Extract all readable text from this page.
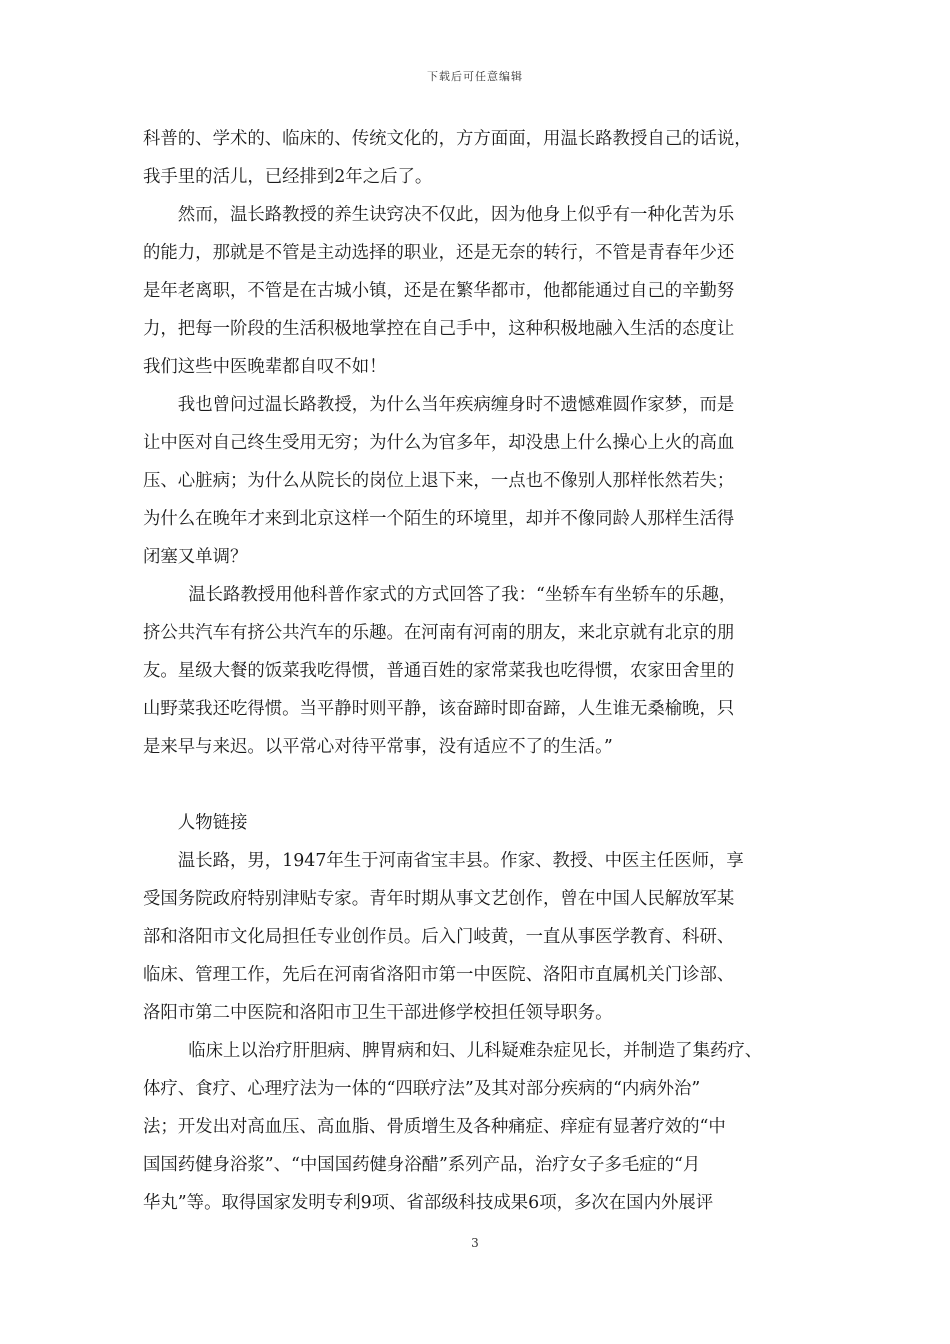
下载后可任意编辑

科普的、学术的、临床的、传统文化的，方方面面，用温长路教授自己的话说，
我手里的活儿，已经排到2年之后了。

然而，温长路教授的养生诀窍决不仅此，因为他身上似乎有一种化苦为乐
的能力，那就是不管是主动选择的职业，还是无奈的转行，不管是青春年少还
是年老离职，不管是在古城小镇，还是在繁华都市，他都能通过自己的辛勤努
力，把每一阶段的生活积极地掌控在自己手中，这种积极地融入生活的态度让
我们这些中医晚辈都自叹不如！

我也曾问过温长路教授，为什么当年疾病缠身时不遗憾难圆作家梦，而是
让中医对自己终生受用无穷；为什么为官多年，却没患上什么操心上火的高血
压、心脏病；为什么从院长的岗位上退下来，一点也不像别人那样怅然若失；
为什么在晚年才来到北京这样一个陌生的环境里，却并不像同龄人那样生活得
闭塞又单调？

温长路教授用他科普作家式的方式回答了我：“坐轿车有坐轿车的乐趣，
挤公共汽车有挤公共汽车的乐趣。在河南有河南的朋友，来北京就有北京的朋
友。星级大餐的饭菜我吃得惯，普通百姓的家常菜我也吃得惯，农家田舍里的
山野菜我还吃得惯。当平静时则平静，该奋蹄时即奋蹄，人生谁无桑榆晚，只
是来早与来迟。以平常心对待平常事，没有适应不了的生活。”

人物链接

温长路，男，1947年生于河南省宝丰县。作家、教授、中医主任医师，享
受国务院政府特别津贴专家。青年时期从事文艺创作，曾在中国人民解放军某
部和洛阳市文化局担任专业创作员。后入门岐黄，一直从事医学教育、科研、
临床、管理工作，先后在河南省洛阳市第一中医院、洛阳市直属机关门诊部、
洛阳市第二中医院和洛阳市卫生干部进修学校担任领导职务。

临床上以治疗肝胆病、脾胃病和妇、儿科疑难杂症见长，并制造了集药疗、
体疗、食疗、心理疗法为一体的“四联疗法”及其对部分疾病的“内病外治”
法；开发出对高血压、高血脂、骨质增生及各种痛症、痒症有显著疗效的“中
国国药健身浴浆”、“中国国药健身浴醋”系列产品，治疗女子多毛症的“月
华丸”等。取得国家发明专利9项、省部级科技成果6项，多次在国内外展评

3
